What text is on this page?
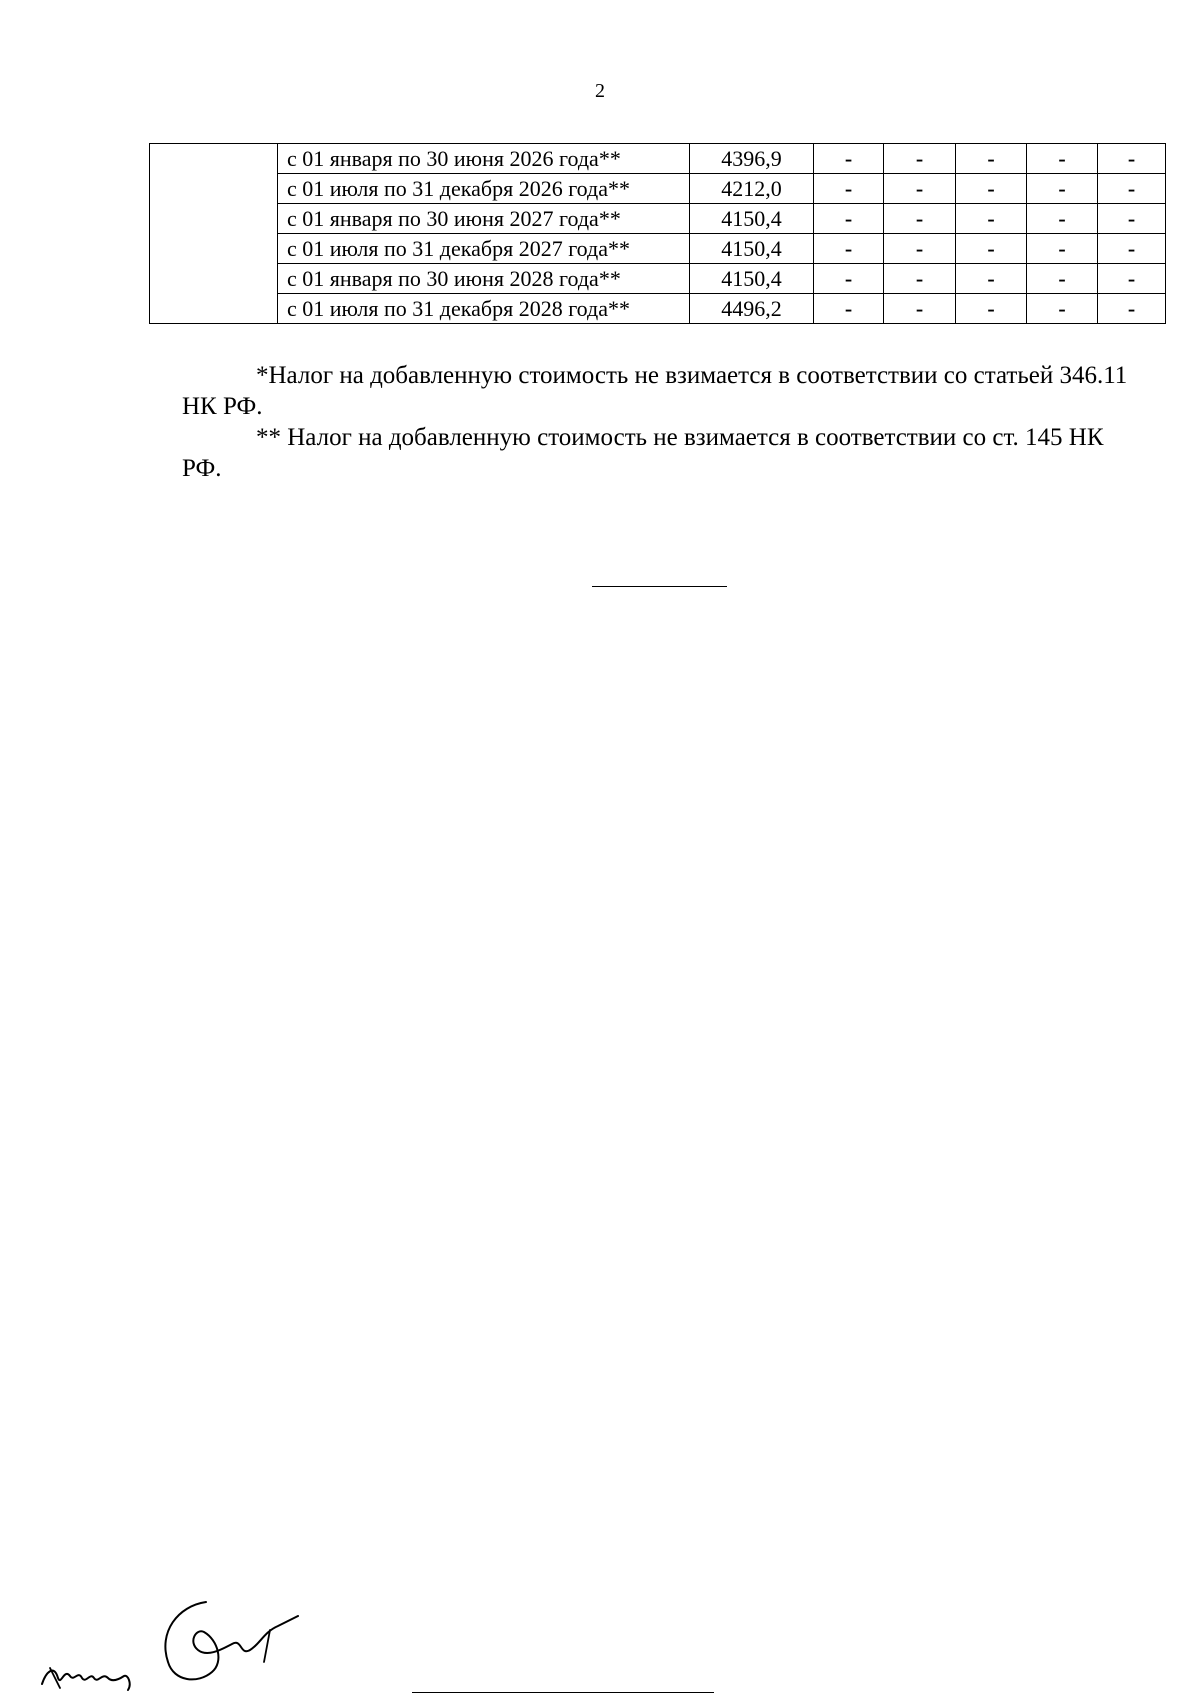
2
	с 01 января по 30 июня 2026 года**	4396,9	-	-	-	-	-
	с 01 июля по 31 декабря 2026 года**	4212,0	-	-	-	-	-
	с 01 января по 30 июня 2027 года**	4150,4	-	-	-	-	-
	с 01 июля по 31 декабря 2027 года**	4150,4	-	-	-	-	-
	с 01 января по 30 июня 2028 года**	4150,4	-	-	-	-	-
	с 01 июля по 31 декабря 2028 года**	4496,2	-	-	-	-	-

*Налог на добавленную стоимость не взимается в соответствии со статьей 346.11 НК РФ.

** Налог на добавленную стоимость не взимается в соответствии со ст. 145 НК РФ.
